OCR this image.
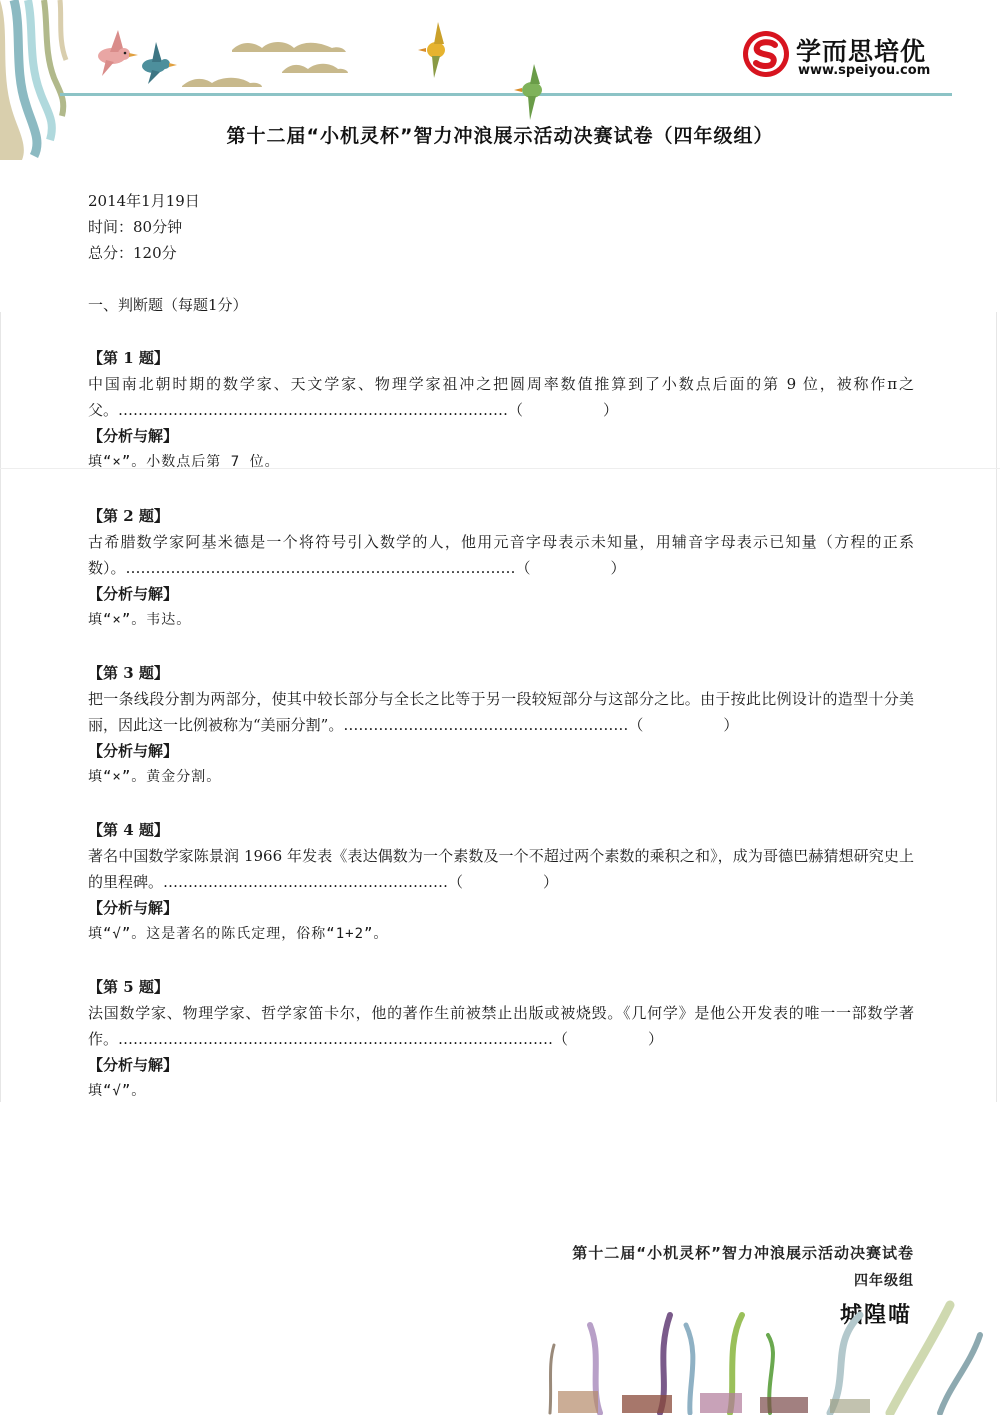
学而思培优
www.speiyou.com
第十二届“小机灵杯”智力冲浪展示活动决赛试卷（四年级组）
2014年1月19日
时间：80分钟
总分：120分
一、判断题（每题1分）
【第 1 题】
中国南北朝时期的数学家、天文学家、物理学家祖冲之把圆周率数值推算到了小数点后面的第 9 位，被称作π之父。……………………………………………………………………（	）
【分析与解】
填“×”。小数点后第 7 位。
【第 2 题】
古希腊数学家阿基米德是一个将符号引入数学的人，他用元音字母表示未知量，用辅音字母表示已知量（方程的正系数）。……………………………………………………………………（	）
【分析与解】
填“×”。韦达。
【第 3 题】
把一条线段分割为两部分，使其中较长部分与全长之比等于另一段较短部分与这部分之比。由于按此比例设计的造型十分美丽，因此这一比例被称为“美丽分割”。…………………………………………………（	）
【分析与解】
填“×”。黄金分割。
【第 4 题】
著名中国数学家陈景润 1966 年发表《表达偶数为一个素数及一个不超过两个素数的乘积之和》，成为哥德巴赫猜想研究史上的里程碑。…………………………………………………（	）
【分析与解】
填“√”。这是著名的陈氏定理，俗称“1+2”。
【第 5 题】
法国数学家、物理学家、哲学家笛卡尔，他的著作生前被禁止出版或被烧毁。《几何学》是他公开发表的唯一一部数学著作。……………………………………………………………………………（	）
【分析与解】
填“√”。
第十二届“小机灵杯”智力冲浪展示活动决赛试卷
四年级组
城隍喵
